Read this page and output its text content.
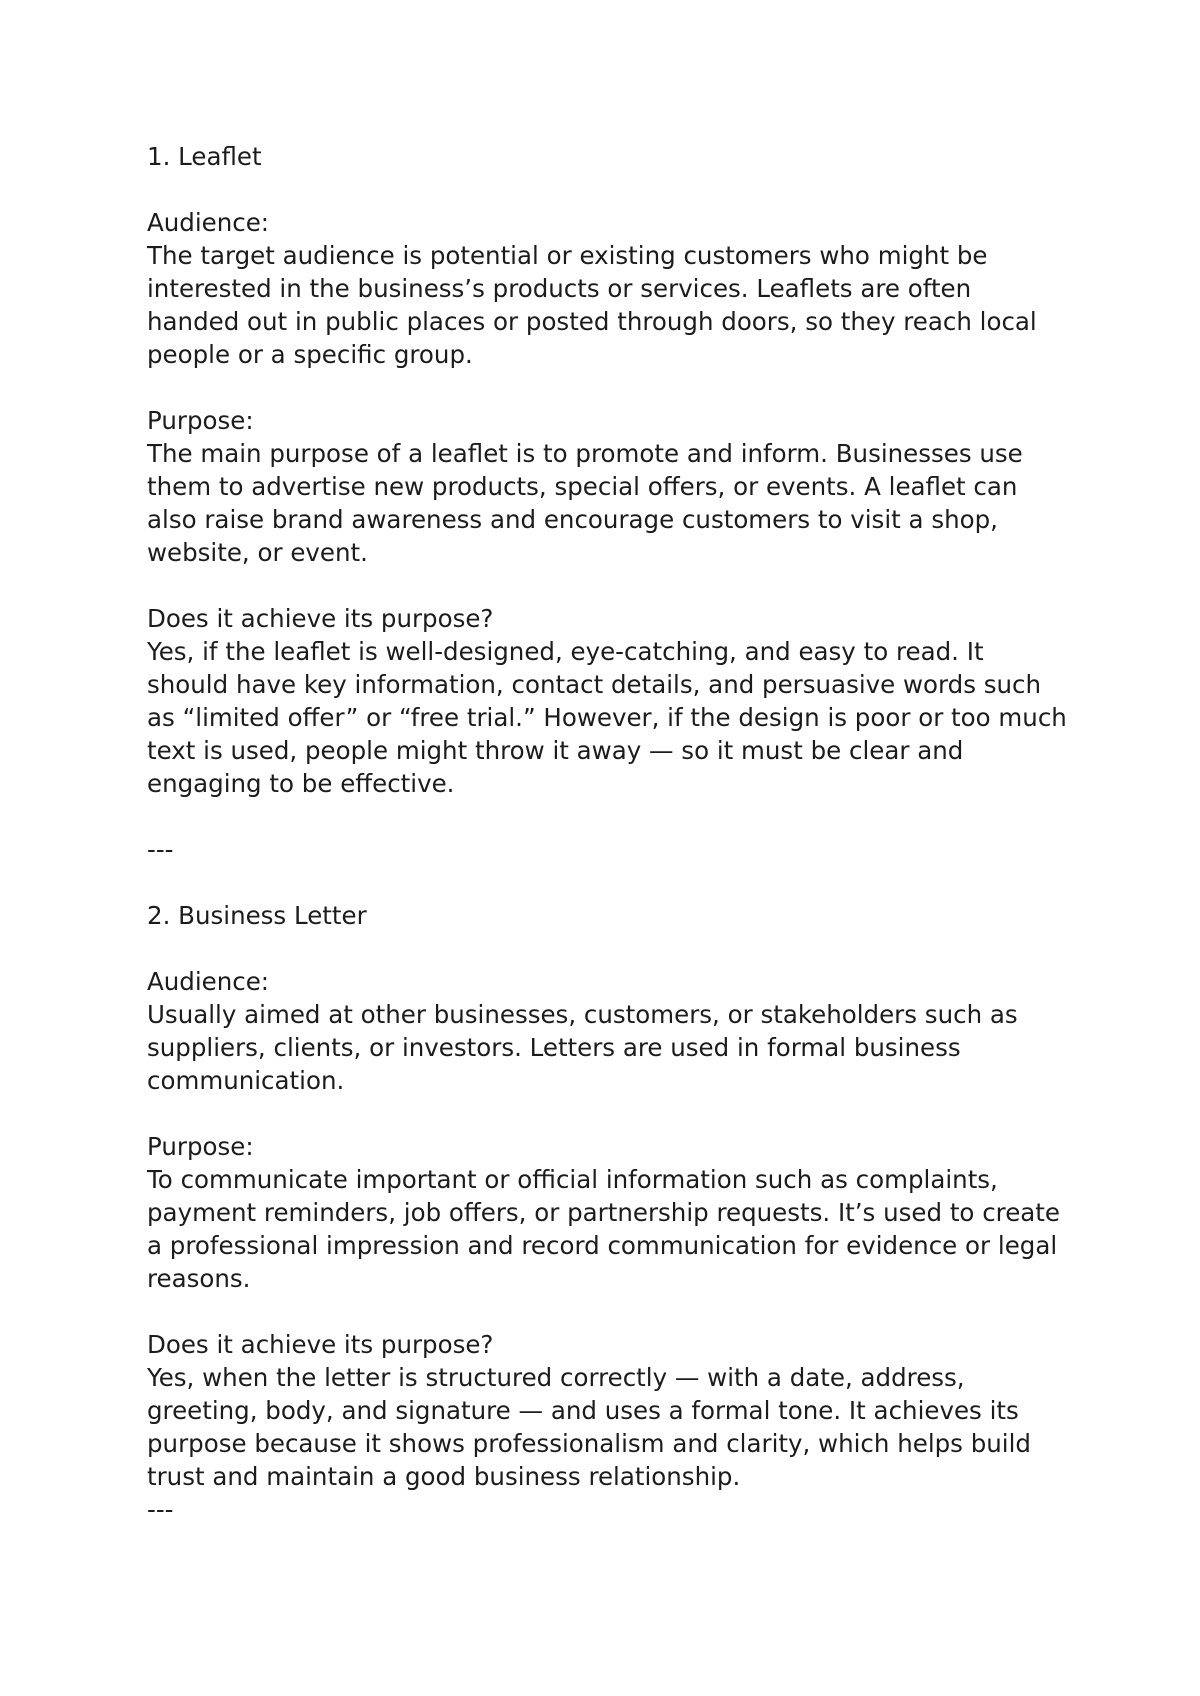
1. Leaflet
Audience:
The target audience is potential or existing customers who might be
interested in the business’s products or services. Leaflets are often
handed out in public places or posted through doors, so they reach local
people or a specific group.
Purpose:
The main purpose of a leaflet is to promote and inform. Businesses use
them to advertise new products, special offers, or events. A leaflet can
also raise brand awareness and encourage customers to visit a shop,
website, or event.
Does it achieve its purpose?
Yes, if the leaflet is well-designed, eye-catching, and easy to read. It
should have key information, contact details, and persuasive words such
as “limited offer” or “free trial.” However, if the design is poor or too much
text is used, people might throw it away — so it must be clear and
engaging to be effective.
---
2. Business Letter
Audience:
Usually aimed at other businesses, customers, or stakeholders such as
suppliers, clients, or investors. Letters are used in formal business
communication.
Purpose:
To communicate important or official information such as complaints,
payment reminders, job offers, or partnership requests. It’s used to create
a professional impression and record communication for evidence or legal
reasons.
Does it achieve its purpose?
Yes, when the letter is structured correctly — with a date, address,
greeting, body, and signature — and uses a formal tone. It achieves its
purpose because it shows professionalism and clarity, which helps build
trust and maintain a good business relationship.
---
